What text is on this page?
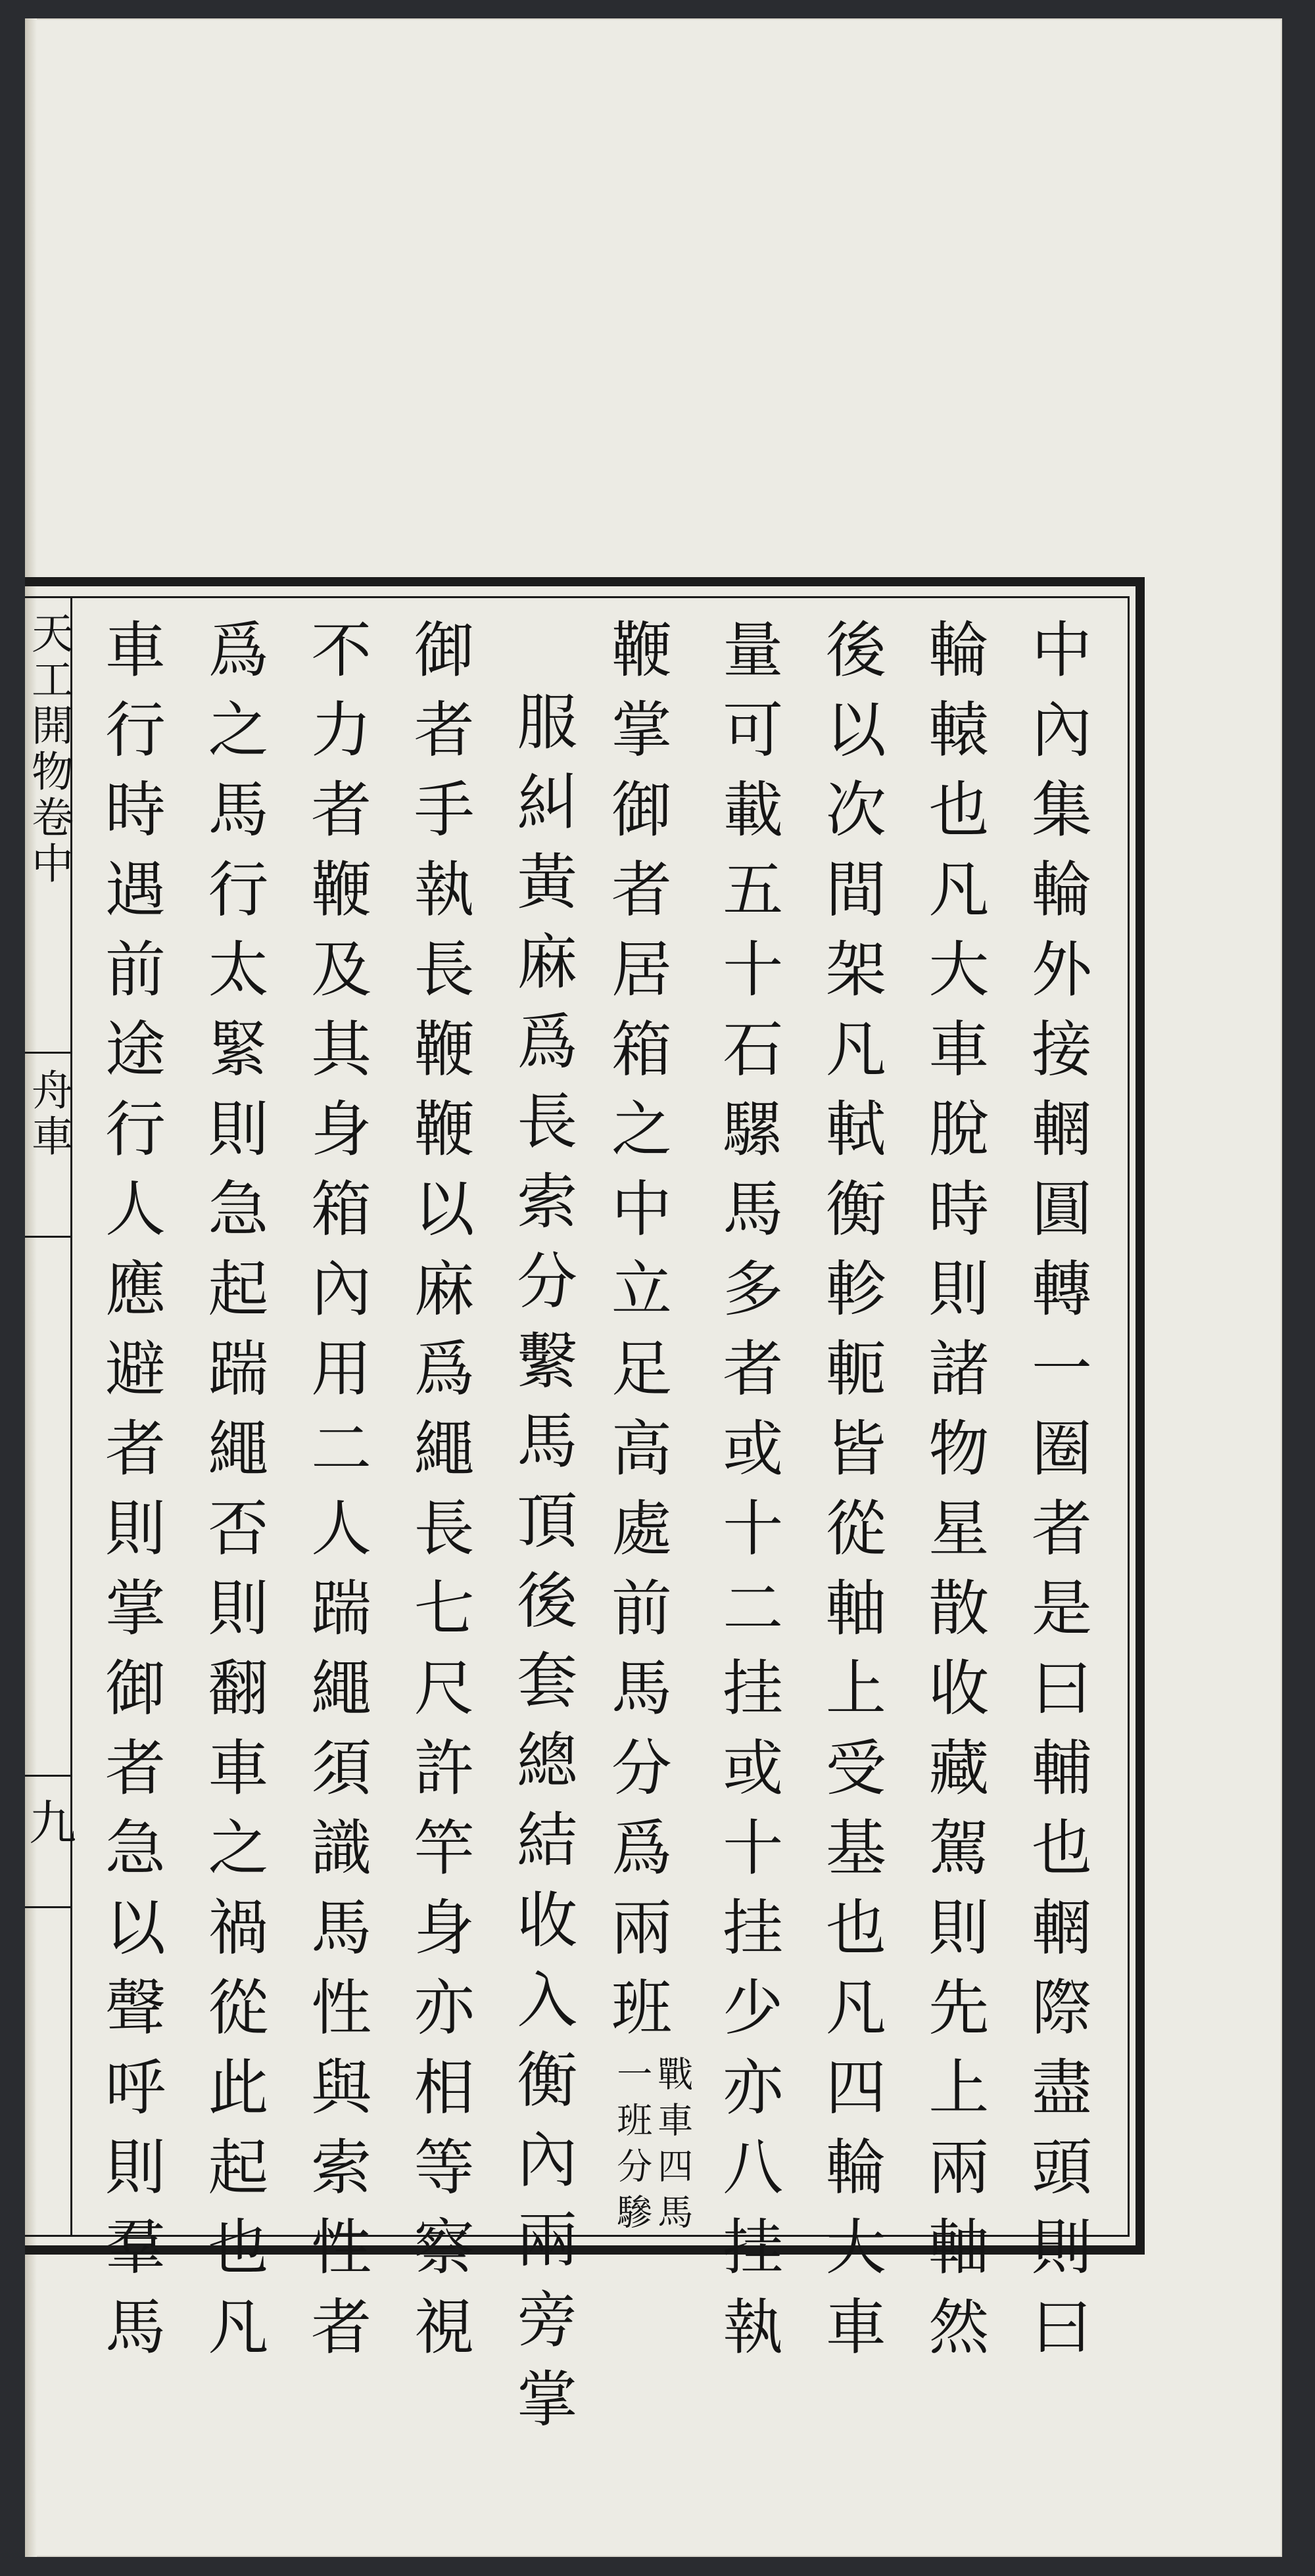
天工開物卷中
舟車
九	中內集輪外接輞圓轉一圈者是曰輔也輞際盡頭則曰
輪轅也凡大車脫時則諸物星散收藏駕則先上兩軸然
後以次間架凡軾衡軫軛皆從軸上受基也凡四輪大車
量可載五十石騾馬多者或十二挂或十挂少亦八挂執
鞭掌御者居箱之中立足高處前馬分爲兩班戰車四馬
一班分驂
服糾黃麻爲長索分繫馬頂後套總結收入衡內兩旁掌
御者手執長鞭鞭以麻爲繩長七尺許竿身亦相等察視
不力者鞭及其身箱內用二人踹繩須識馬性與索性者
爲之馬行太緊則急起踹繩否則翻車之禍從此起也凡
車行時遇前途行人應避者則掌御者急以聲呼則羣馬
